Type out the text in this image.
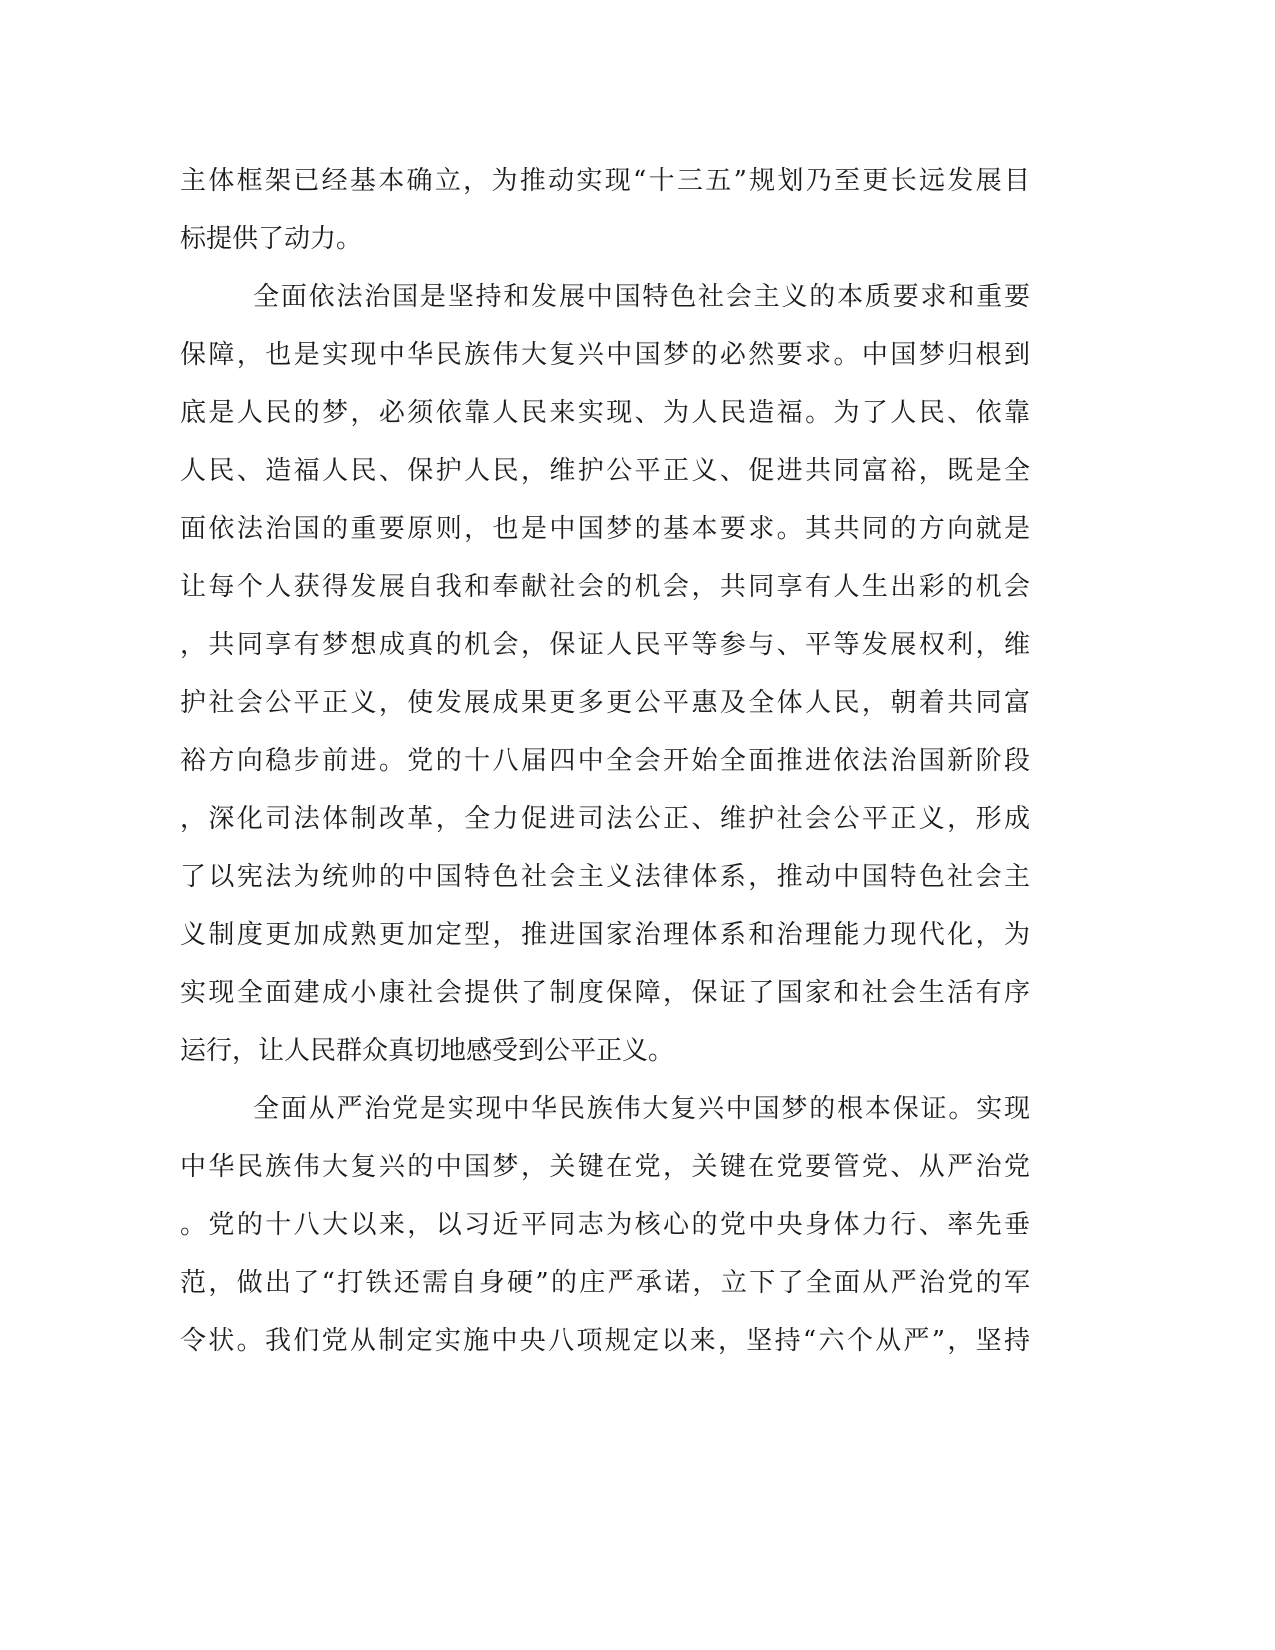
主体框架已经基本确立，为推动实现“十三五”规划乃至更长远发展目
标提供了动力。
全面依法治国是坚持和发展中国特色社会主义的本质要求和重要
保障，也是实现中华民族伟大复兴中国梦的必然要求。中国梦归根到
底是人民的梦，必须依靠人民来实现、为人民造福。为了人民、依靠
人民、造福人民、保护人民，维护公平正义、促进共同富裕，既是全
面依法治国的重要原则，也是中国梦的基本要求。其共同的方向就是
让每个人获得发展自我和奉献社会的机会，共同享有人生出彩的机会
，共同享有梦想成真的机会，保证人民平等参与、平等发展权利，维
护社会公平正义，使发展成果更多更公平惠及全体人民，朝着共同富
裕方向稳步前进。党的十八届四中全会开始全面推进依法治国新阶段
，深化司法体制改革，全力促进司法公正、维护社会公平正义，形成
了以宪法为统帅的中国特色社会主义法律体系，推动中国特色社会主
义制度更加成熟更加定型，推进国家治理体系和治理能力现代化，为
实现全面建成小康社会提供了制度保障，保证了国家和社会生活有序
运行，让人民群众真切地感受到公平正义。
全面从严治党是实现中华民族伟大复兴中国梦的根本保证。实现
中华民族伟大复兴的中国梦，关键在党，关键在党要管党、从严治党
。党的十八大以来，以习近平同志为核心的党中央身体力行、率先垂
范，做出了“打铁还需自身硬”的庄严承诺，立下了全面从严治党的军
令状。我们党从制定实施中央八项规定以来，坚持“六个从严”，坚持
